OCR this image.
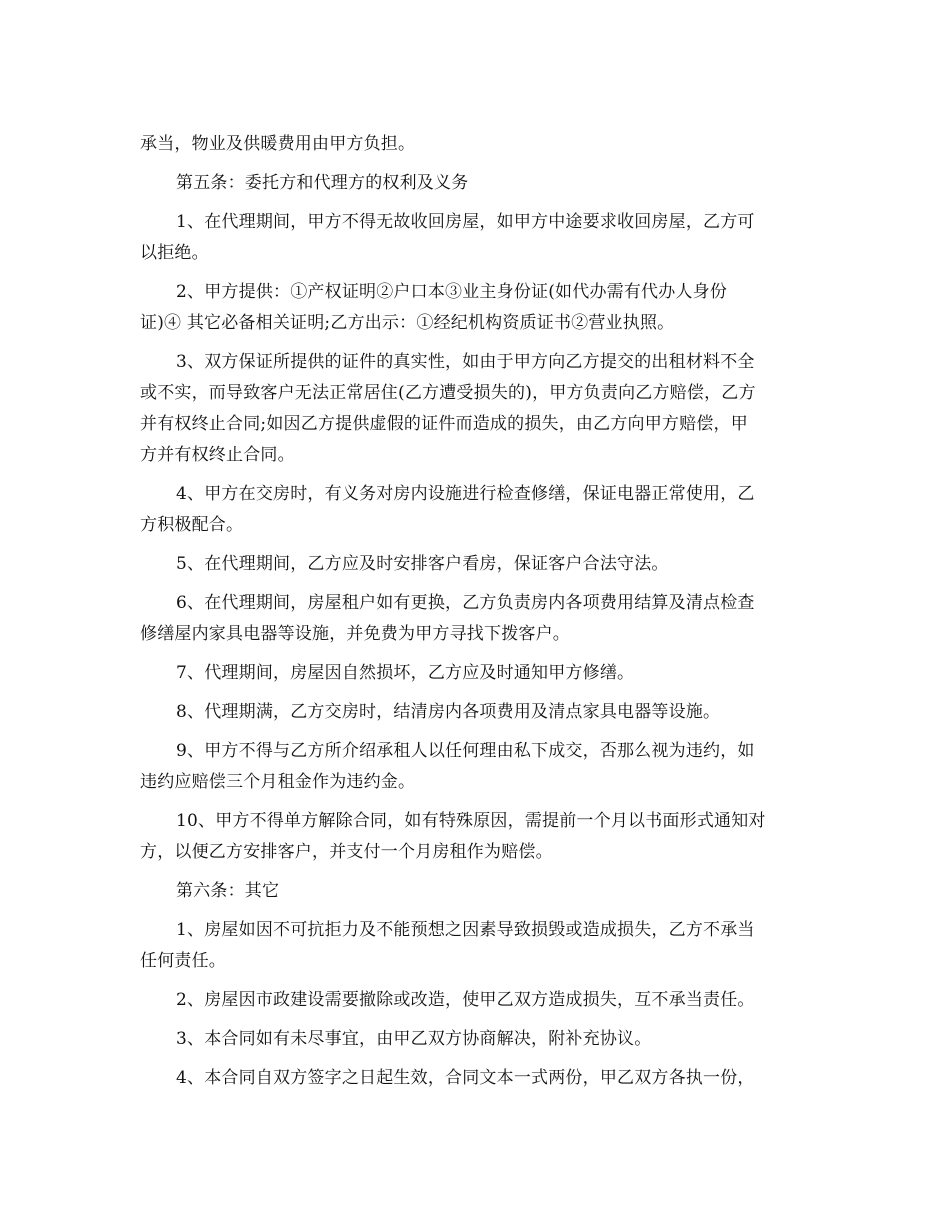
承当，物业及供暖费用由甲方负担。
第五条：委托方和代理方的权利及义务
1、在代理期间，甲方不得无故收回房屋，如甲方中途要求收回房屋，乙方可
以拒绝。
2、甲方提供：①产权证明②户口本③业主身份证(如代办需有代办人身份
证)④ 其它必备相关证明;乙方出示：①经纪机构资质证书②营业执照。
3、双方保证所提供的证件的真实性，如由于甲方向乙方提交的出租材料不全
或不实，而导致客户无法正常居住(乙方遭受损失的)，甲方负责向乙方赔偿，乙方
并有权终止合同;如因乙方提供虚假的证件而造成的损失，由乙方向甲方赔偿，甲
方并有权终止合同。
4、甲方在交房时，有义务对房内设施进行检查修缮，保证电器正常使用，乙
方积极配合。
5、在代理期间，乙方应及时安排客户看房，保证客户合法守法。
6、在代理期间，房屋租户如有更换，乙方负责房内各项费用结算及清点检查
修缮屋内家具电器等设施，并免费为甲方寻找下拨客户。
7、代理期间，房屋因自然损坏，乙方应及时通知甲方修缮。
8、代理期满，乙方交房时，结清房内各项费用及清点家具电器等设施。
9、甲方不得与乙方所介绍承租人以任何理由私下成交，否那么视为违约，如
违约应赔偿三个月租金作为违约金。
10、甲方不得单方解除合同，如有特殊原因，需提前一个月以书面形式通知对
方，以便乙方安排客户，并支付一个月房租作为赔偿。
第六条：其它
1、房屋如因不可抗拒力及不能预想之因素导致损毁或造成损失，乙方不承当
任何责任。
2、房屋因市政建设需要撤除或改造，使甲乙双方造成损失，互不承当责任。
3、本合同如有未尽事宜，由甲乙双方协商解决，附补充协议。
4、本合同自双方签字之日起生效，合同文本一式两份，甲乙双方各执一份，
